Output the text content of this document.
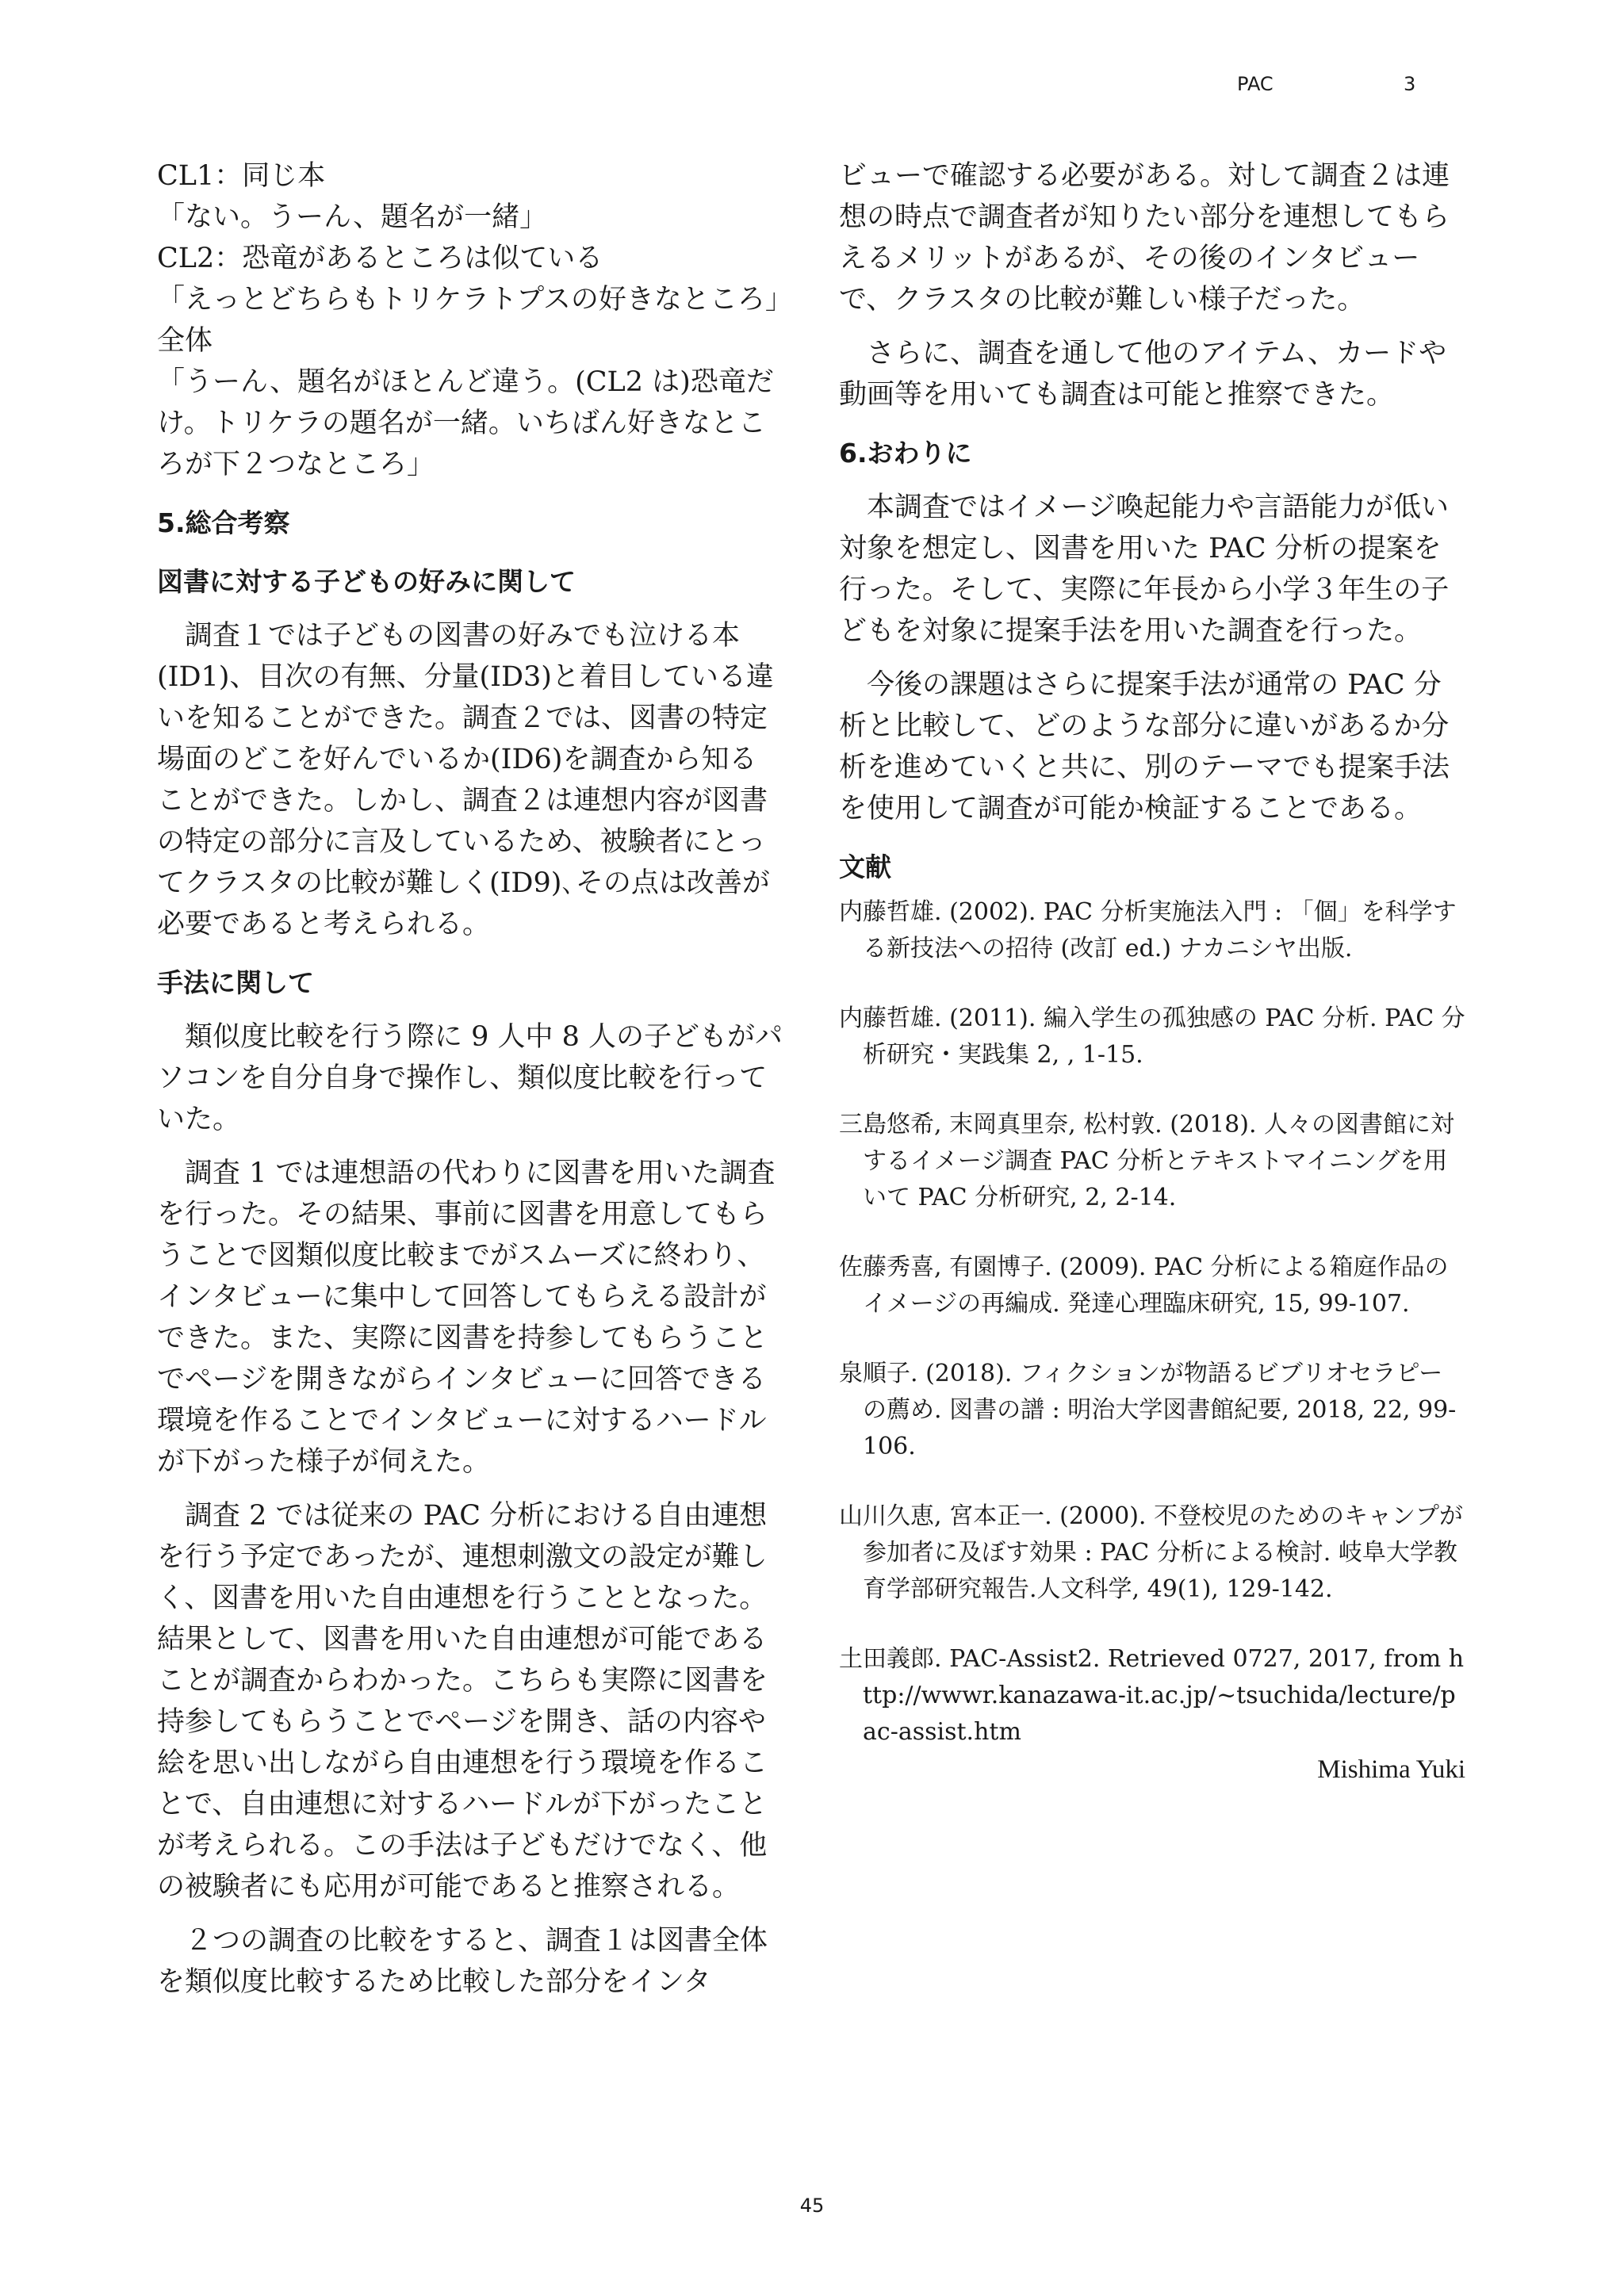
PAC	3

CL1：同じ本

「ない。うーん、題名が一緒」

CL2：恐竜があるところは似ている

「えっとどちらもトリケラトプスの好きなところ」

全体

「うーん、題名がほとんど違う。(CL2 は)恐竜だけ。トリケラの題名が一緒。いちばん好きなところが下２つなところ」

5.総合考察
図書に対する子どもの好みに関して

調査１では子どもの図書の好みでも泣ける本(ID1)、目次の有無、分量(ID3)と着目している違いを知ることができた。調査２では、図書の特定場面のどこを好んでいるか(ID6)を調査から知ることができた。しかし、調査２は連想内容が図書の特定の部分に言及しているため、被験者にとってクラスタの比較が難しく(ID9)､その点は改善が必要であると考えられる。

手法に関して

類似度比較を行う際に 9 人中 8 人の子どもがパソコンを自分自身で操作し、類似度比較を行っていた。

調査 1 では連想語の代わりに図書を用いた調査を行った。その結果、事前に図書を用意してもらうことで図類似度比較までがスムーズに終わり、インタビューに集中して回答してもらえる設計ができた。また、実際に図書を持参してもらうことでページを開きながらインタビューに回答できる環境を作ることでインタビューに対するハードルが下がった様子が伺えた。

調査 2 では従来の PAC 分析における自由連想を行う予定であったが、連想刺激文の設定が難しく、図書を用いた自由連想を行うこととなった。結果として、図書を用いた自由連想が可能であることが調査からわかった。こちらも実際に図書を持参してもらうことでページを開き、話の内容や絵を思い出しながら自由連想を行う環境を作ることで、自由連想に対するハードルが下がったことが考えられる。この手法は子どもだけでなく、他の被験者にも応用が可能であると推察される。

２つの調査の比較をすると、調査１は図書全体を類似度比較するため比較した部分をインタ

ビューで確認する必要がある。対して調査２は連想の時点で調査者が知りたい部分を連想してもらえるメリットがあるが、その後のインタビューで、クラスタの比較が難しい様子だった。

さらに、調査を通して他のアイテム、カードや動画等を用いても調査は可能と推察できた。

6.おわりに

本調査ではイメージ喚起能力や言語能力が低い対象を想定し、図書を用いた PAC 分析の提案を行った。そして、実際に年長から小学３年生の子どもを対象に提案手法を用いた調査を行った。

今後の課題はさらに提案手法が通常の PAC 分析と比較して、どのような部分に違いがあるか分析を進めていくと共に、別のテーマでも提案手法を使用して調査が可能か検証することである。

文献

内藤哲雄. (2002). PAC 分析実施法入門 : 「個」を科学する新技法への招待 (改訂 ed.) ナカニシヤ出版.

内藤哲雄. (2011). 編入学生の孤独感の PAC 分析. PAC 分析研究・実践集 2, , 1-15.

三島悠希, 末岡真里奈, 松村敦. (2018). 人々の図書館に対するイメージ調査 PAC 分析とテキストマイニングを用いて PAC 分析研究, 2, 2-14.

佐藤秀喜, 有園博子. (2009). PAC 分析による箱庭作品のイメージの再編成. 発達心理臨床研究, 15, 99-107.

泉順子. (2018). フィクションが物語るビブリオセラピーの薦め. 図書の譜 : 明治大学図書館紀要, 2018, 22, 99-106.

山川久恵, 宮本正一. (2000). 不登校児のためのキャンプが参加者に及ぼす効果 : PAC 分析による検討. 岐阜大学教育学部研究報告.人文科学, 49(1), 129-142.

土田義郎. PAC-Assist2. Retrieved 0727, 2017, from http://wwwr.kanazawa-it.ac.jp/~tsuchida/lecture/pac-assist.htm

Mishima Yuki
45
